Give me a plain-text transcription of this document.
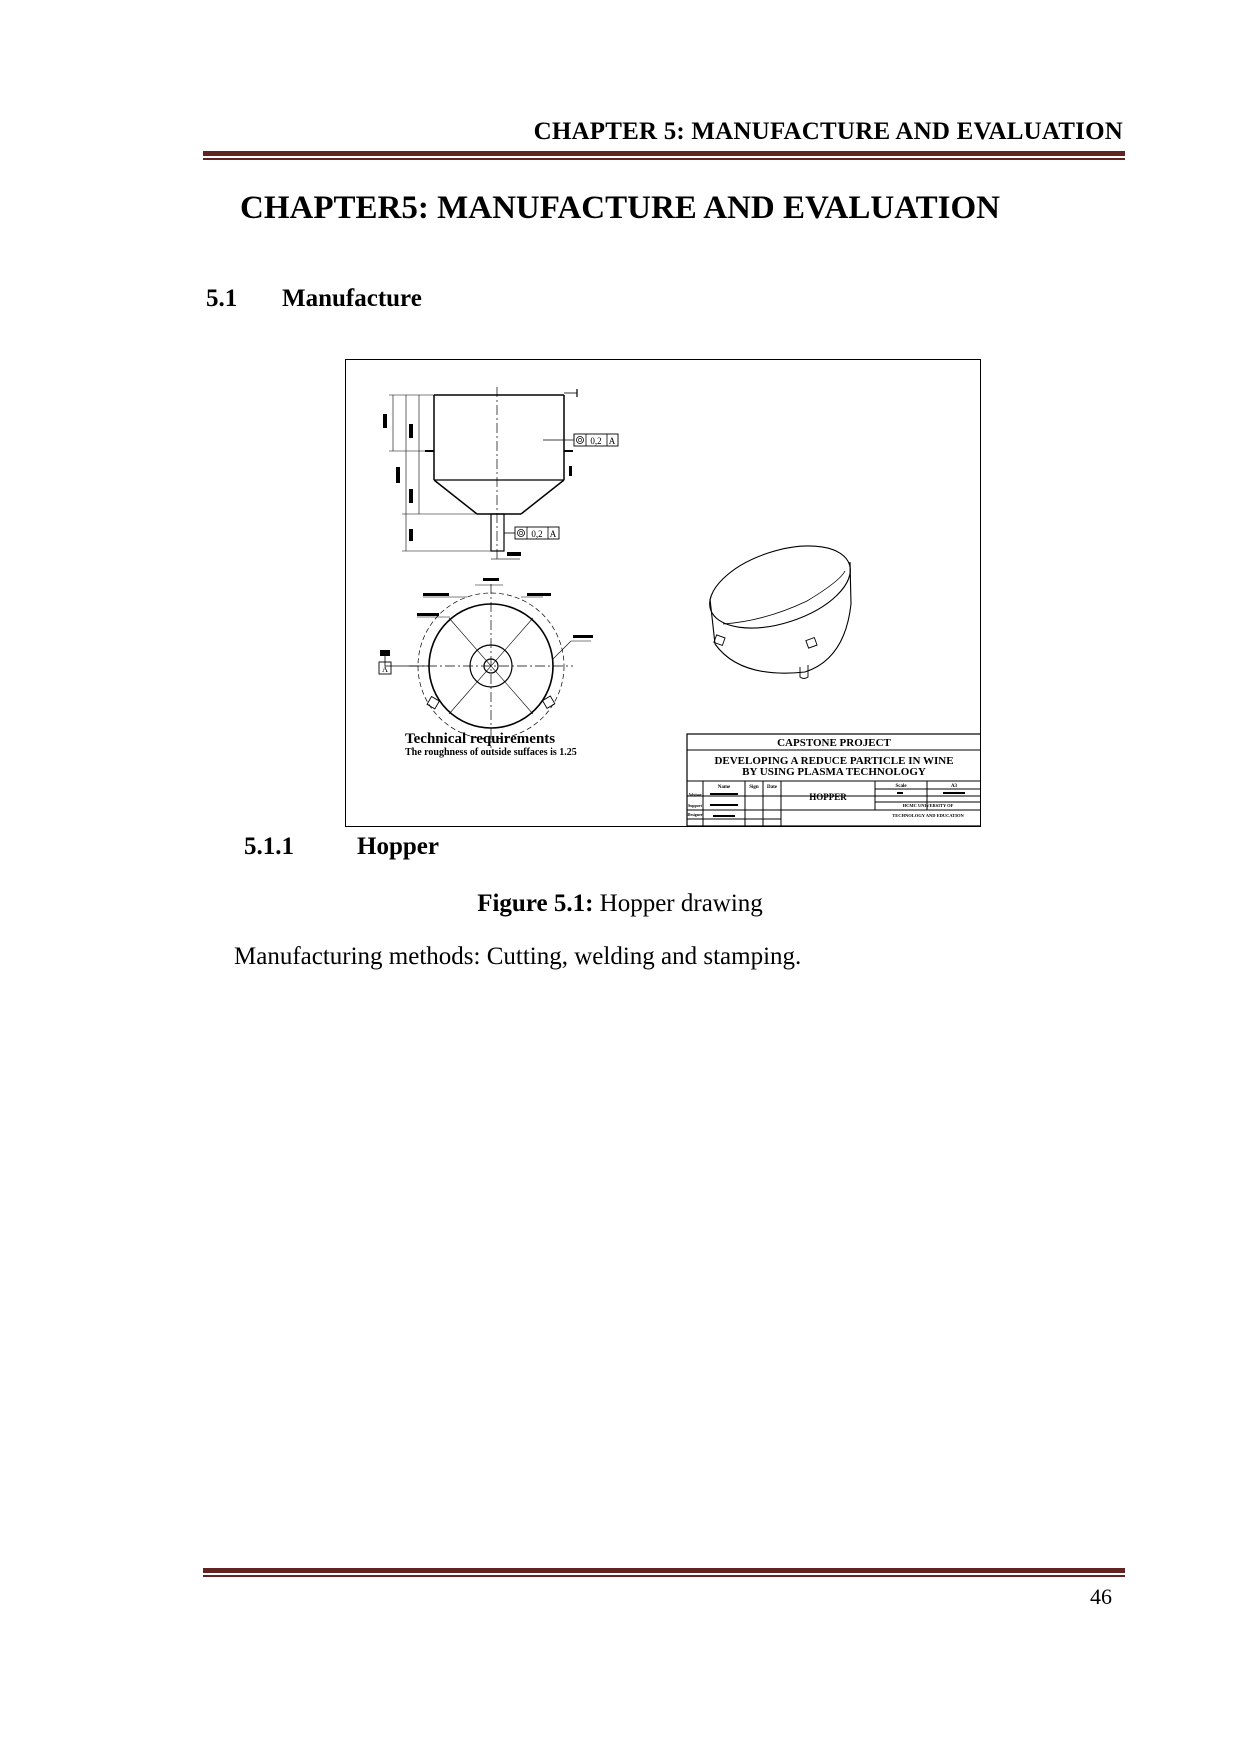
CHAPTER 5: MANUFACTURE AND EVALUATION
CHAPTER5: MANUFACTURE AND EVALUATION
5.1 Manufacture
0,2 A
0,2 A
A
Technical requirements
The roughness of outside suffaces is 1.25
CAPSTONE PROJECT
DEVELOPING A REDUCE PARTICLE IN WINE
BY USING PLASMA TECHNOLOGY
Name	Sign Date
HOPPER
Scale	A3
Advisor
Support
Designer
HCMC UNIVERSITY OF
TECHNOLOGY AND EDUCATION
5.1.1	Hopper
Figure 5.1: Hopper drawing
Manufacturing methods: Cutting, welding and stamping.
46
